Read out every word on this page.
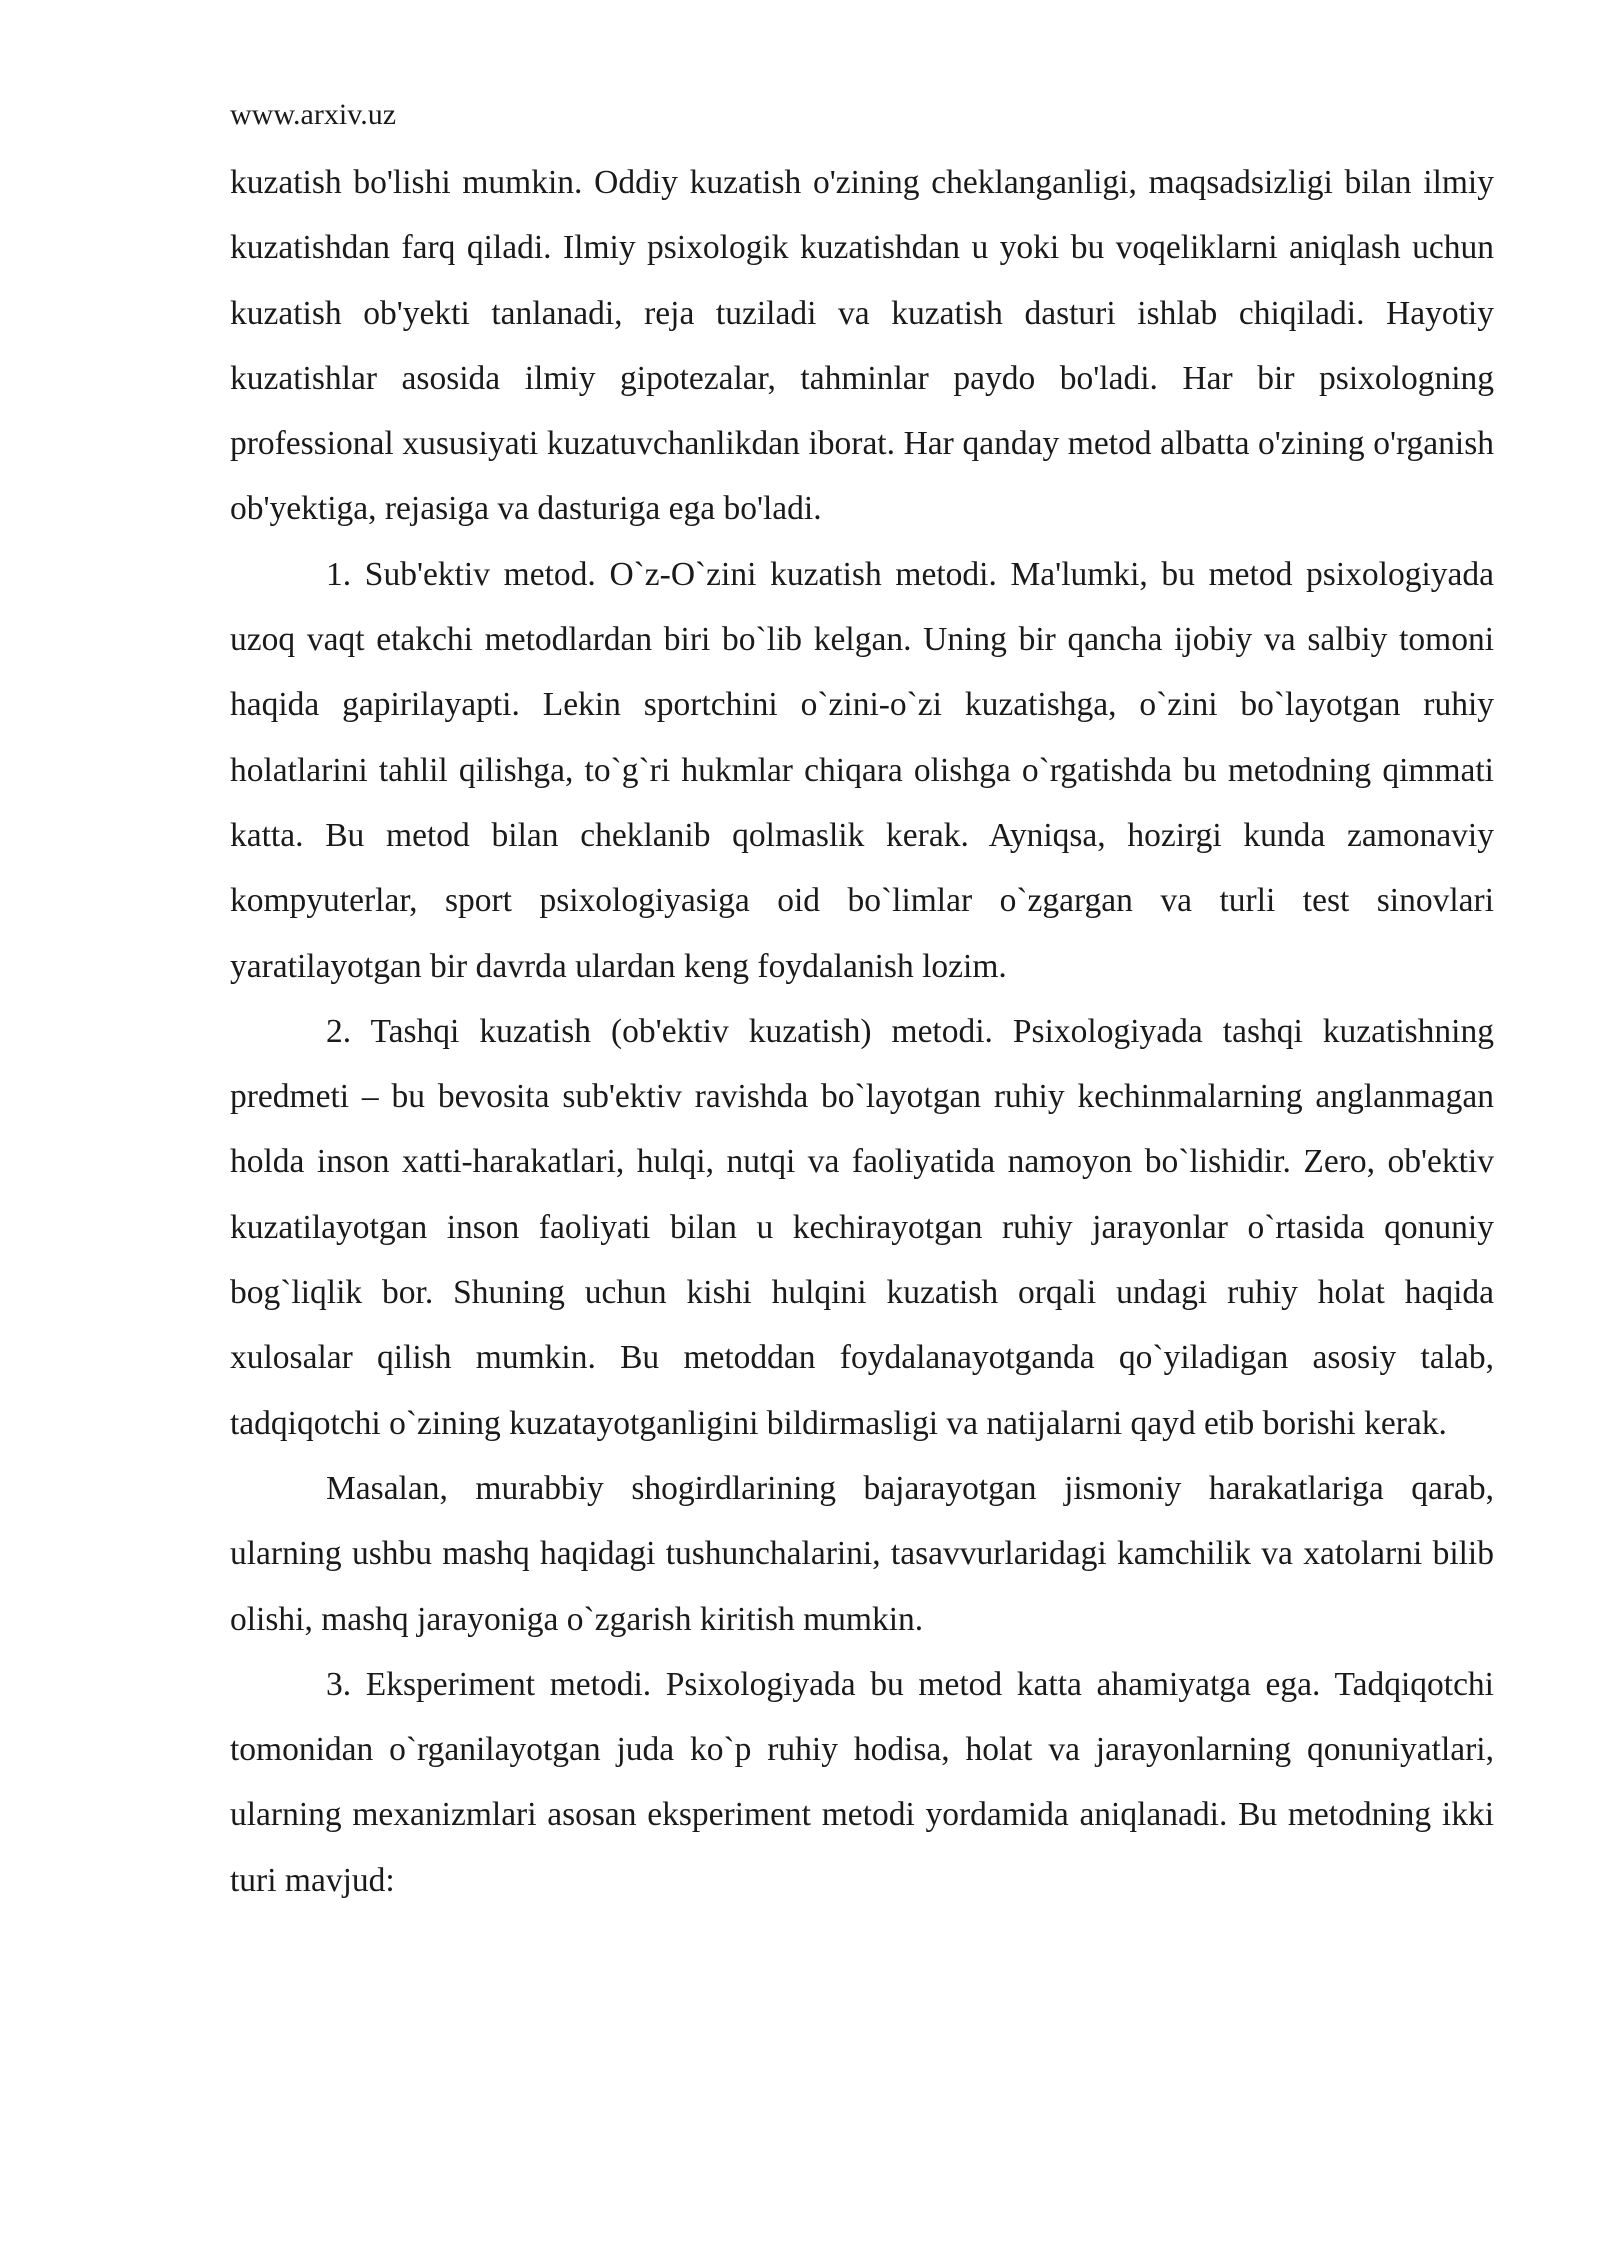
www.arxiv.uz

kuzatish bo'lishi mumkin. Oddiy kuzatish o'zining cheklanganligi, maqsadsizligi bilan ilmiy kuzatishdan farq qiladi. Ilmiy psixologik kuzatishdan u yoki bu voqeliklarni aniqlash uchun kuzatish ob'yekti tanlanadi, reja tuziladi va kuzatish dasturi ishlab chiqiladi. Hayotiy kuzatishlar asosida ilmiy gipotezalar, tahminlar paydo bo'ladi. Har bir psixologning professional xususiyati kuzatuvchanlikdan iborat. Har qanday metod albatta o'zining o'rganish ob'yektiga, rejasiga va dasturiga ega bo'ladi.

1. Sub'ektiv metod. O`z-O`zini kuzatish metodi. Ma'lumki, bu metod psixologiyada uzoq vaqt etakchi metodlardan biri bo`lib kelgan. Uning bir qancha ijobiy va salbiy tomoni haqida gapirilayapti. Lekin sportchini o`zini-o`zi kuzatishga, o`zini bo`layotgan ruhiy holatlarini tahlil qilishga, to`g`ri hukmlar chiqara olishga o`rgatishda bu metodning qimmati katta. Bu metod bilan cheklanib qolmaslik kerak. Ayniqsa, hozirgi kunda zamonaviy kompyuterlar, sport psixologiyasiga oid bo`limlar o`zgargan va turli test sinovlari yaratilayotgan bir davrda ulardan keng foydalanish lozim.

2. Tashqi kuzatish (ob'ektiv kuzatish) metodi. Psixologiyada tashqi kuzatishning predmeti – bu bevosita sub'ektiv ravishda bo`layotgan ruhiy kechinmalarning anglanmagan holda inson xatti-harakatlari, hulqi, nutqi va faoliyatida namoyon bo`lishidir. Zero, ob'ektiv kuzatilayotgan inson faoliyati bilan u kechirayotgan ruhiy jarayonlar o`rtasida qonuniy bog`liqlik bor. Shuning uchun kishi hulqini kuzatish orqali undagi ruhiy holat haqida xulosalar qilish mumkin. Bu metoddan foydalanayotganda qo`yiladigan asosiy talab, tadqiqotchi o`zining kuzatayotganligini bildirmasligi va natijalarni qayd etib borishi kerak.

Masalan, murabbiy shogirdlarining bajarayotgan jismoniy harakatlariga qarab, ularning ushbu mashq haqidagi tushunchalarini, tasavvurlaridagi kamchilik va xatolarni bilib olishi, mashq jarayoniga o`zgarish kiritish mumkin.

3. Eksperiment metodi. Psixologiyada bu metod katta ahamiyatga ega. Tadqiqotchi tomonidan o`rganilayotgan juda ko`p ruhiy hodisa, holat va jarayonlarning qonuniyatlari, ularning mexanizmlari asosan eksperiment metodi yordamida aniqlanadi. Bu metodning ikki turi mavjud:
